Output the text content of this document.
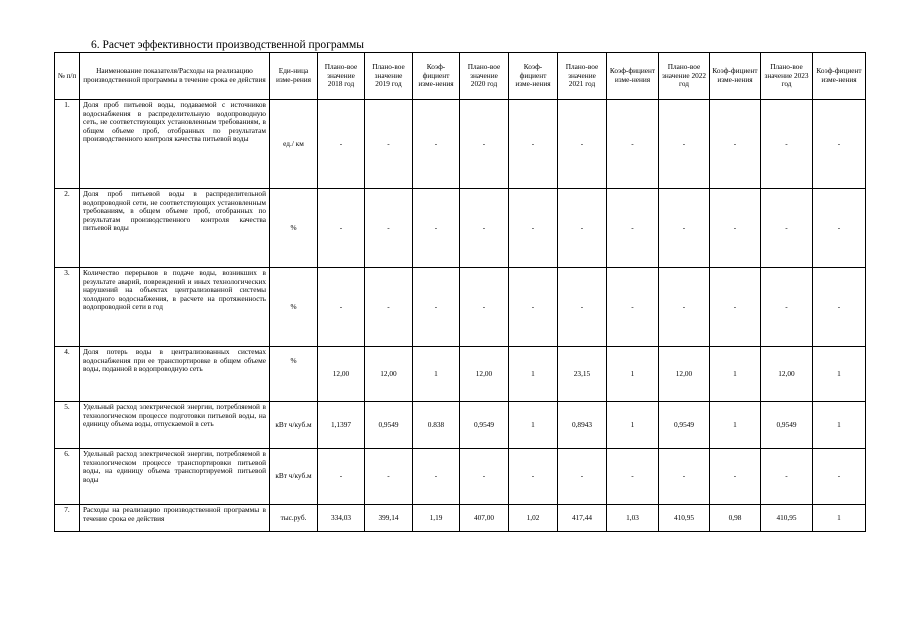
6. Расчет эффективности производственной программы
№ п/п	Наименование показателя/Расходы на реализацию производственной программы в течение срока ее действия	Еди-ница изме-рения	Плано-вое значение 2018 год	Плано-вое значение 2019 год	Коэф-фициент изме-нения	Плано-вое значение 2020 год	Коэф-фициент изме-нения	Плано-вое значение 2021 год	Коэф-фициент изме-нения	Плано-вое значение 2022 год	Коэф-фициент изме-нения	Плано-вое значение 2023 год	Коэф-фициент изме-нения
1.	Доля проб питьевой воды, подаваемой с источников водоснабжения в распределительную водопроводную сеть, не соответствующих установленным требованиям, в общем объеме проб, отобранных по результатам производственного контроля качества питьевой воды	ед./ км	-	-	-	-	-	-	-	-	-	-	-
2.	Доля проб питьевой воды в распределительной водопроводной сети, не соответствующих установленным требованиям, в общем объеме проб, отобранных по результатам производственного контроля качества питьевой воды	%	-	-	-	-	-	-	-	-	-	-	-
3.	Количество перерывов в подаче воды, возникших в результате аварий, повреждений и иных технологических нарушений на объектах централизованной системы холодного водоснабжения, в расчете на протяженность водопроводной сети в год	%	-	-	-	-	-	-	-	-	-	-	-
4.	Доля потерь воды в централизованных системах водоснабжения при ее транспортировке в общем объеме воды, поданной в водопроводную сеть	%	12,00	12,00	1	12,00	1	23,15	1	12,00	1	12,00	1
5.	Удельный расход электрической энергии, потребляемой в технологическом процессе подготовки питьевой воды, на единицу объема воды, отпускаемой в сеть	кВт ч/куб.м	1,1397	0,9549	0.838	0,9549	1	0,8943	1	0,9549	1	0,9549	1
6.	Удельный расход электрической энергии, потребляемой в технологическом процессе транспортировки питьевой воды, на единицу объема транспортируемой питьевой воды	кВт ч/куб.м	-	-	-	-	-	-	-	-	-	-	-
7.	Расходы на реализацию производственной программы в течение срока ее действия	тыс.руб.	334,03	399,14	1,19	407,00	1,02	417,44	1,03	410,95	0,98	410,95	1
